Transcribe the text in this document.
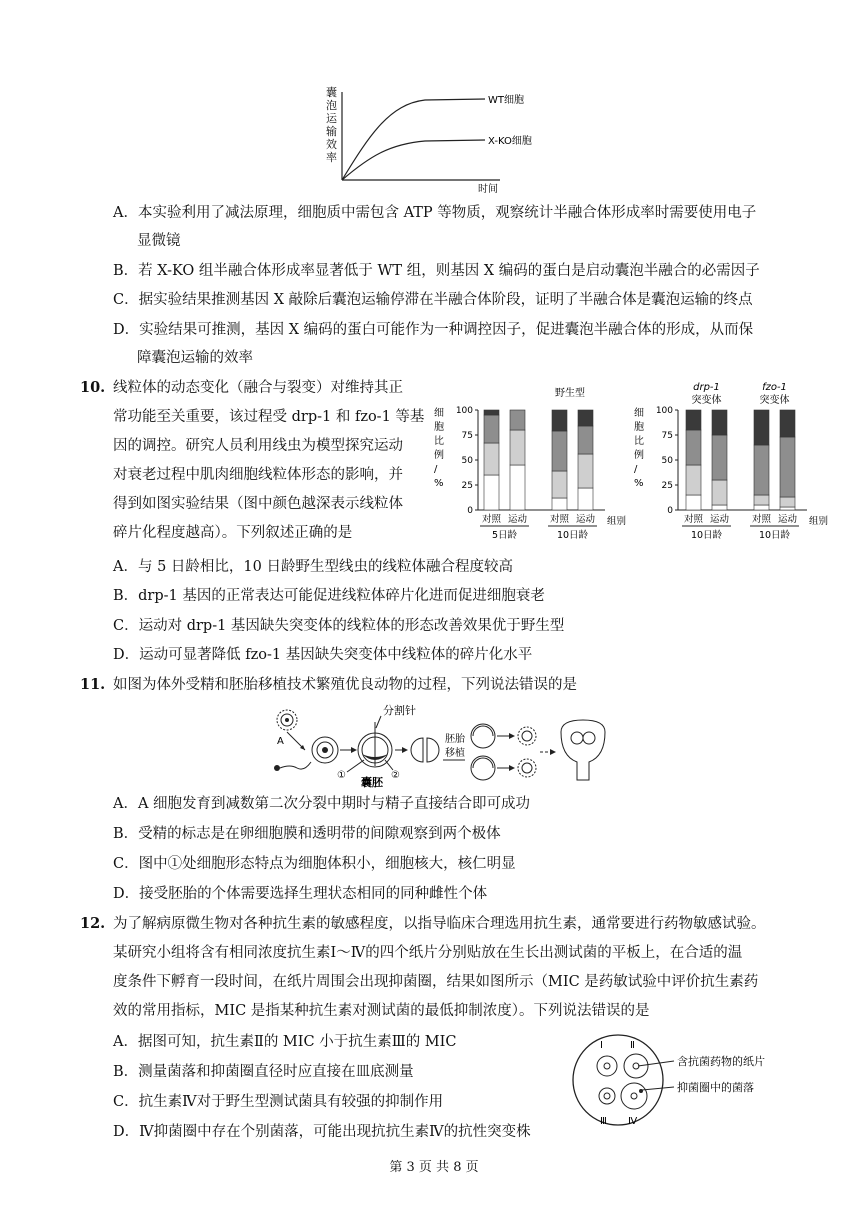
囊
泡
运
输
效
率
WT细胞
X-KO细胞
时间
A．本实验利用了减法原理，细胞质中需包含 ATP 等物质，观察统计半融合体形成率时需要使用电子
显微镜
B．若 X-KO 组半融合体形成率显著低于 WT 组，则基因 X 编码的蛋白是启动囊泡半融合的必需因子
C．据实验结果推测基因 X 敲除后囊泡运输停滞在半融合体阶段，证明了半融合体是囊泡运输的终点
D．实验结果可推测，基因 X 编码的蛋白可能作为一种调控因子，促进囊泡半融合体的形成，从而保
障囊泡运输的效率
10. 线粒体的动态变化（融合与裂变）对维持其正
常功能至关重要，该过程受 drp-1 和 fzo-1 等基
因的调控。研究人员利用线虫为模型探究运动
对衰老过程中肌肉细胞线粒体形态的影响，并
得到如图实验结果（图中颜色越深表示线粒体
碎片化程度越高）。下列叙述正确的是
100
75
50
25
0
细
胞
比
例
/
%
对照 运动 对照 运动
5日龄	10日龄
组别
野生型
100
75
50
25
0
细
胞
比
例
/
%
对照 运动 对照 运动
10日龄	10日龄
组别
drp-1
突变体
fzo-1
突变体
A．与 5 日龄相比，10 日龄野生型线虫的线粒体融合程度较高
B．drp-1 基因的正常表达可能促进线粒体碎片化进而促进细胞衰老
C．运动对 drp-1 基因缺失突变体的线粒体的形态改善效果优于野生型
D．运动可显著降低 fzo-1 基因缺失突变体中线粒体的碎片化水平
11. 如图为体外受精和胚胎移植技术繁殖优良动物的过程，下列说法错误的是
A
分割针
①	②
囊胚
胚胎
移植
A．A 细胞发育到减数第二次分裂中期时与精子直接结合即可成功
B．受精的标志是在卵细胞膜和透明带的间隙观察到两个极体
C．图中①处细胞形态特点为细胞体积小，细胞核大，核仁明显
D．接受胚胎的个体需要选择生理状态相同的同种雌性个体
12. 为了解病原微生物对各种抗生素的敏感程度，以指导临床合理选用抗生素，通常要进行药物敏感试验。
某研究小组将含有相同浓度抗生素Ⅰ～Ⅳ的四个纸片分别贴放在生长出测试菌的平板上，在合适的温
度条件下孵育一段时间，在纸片周围会出现抑菌圈，结果如图所示（MIC 是药敏试验中评价抗生素药
效的常用指标，MIC 是指某种抗生素对测试菌的最低抑制浓度）。下列说法错误的是
A．据图可知，抗生素Ⅱ的 MIC 小于抗生素Ⅲ的 MIC
B．测量菌落和抑菌圈直径时应直接在皿底测量
C．抗生素Ⅳ对于野生型测试菌具有较强的抑制作用
D．Ⅳ抑菌圈中存在个别菌落，可能出现抗抗生素Ⅳ的抗性突变株
Ⅰ	Ⅱ
Ⅲ Ⅳ
含抗菌药物的纸片
抑菌圈中的菌落
第 3 页 共 8 页
